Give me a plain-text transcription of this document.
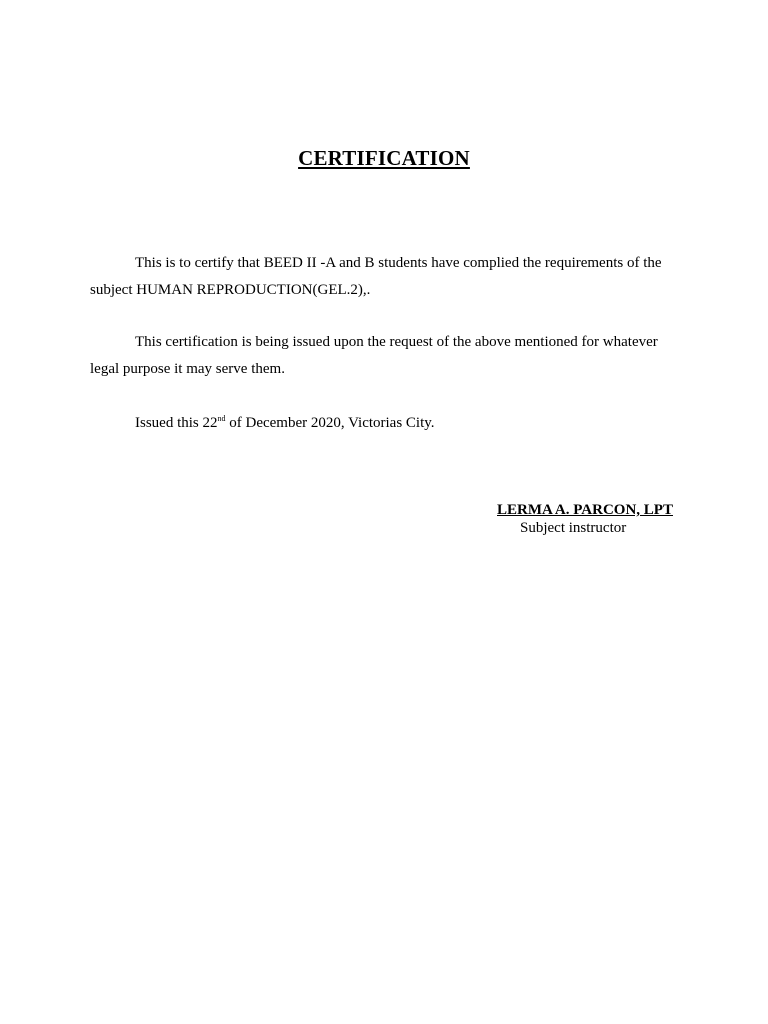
CERTIFICATION

This is to certify that BEED II -A and B students have complied the requirements of the
subject HUMAN REPRODUCTION(GEL.2),.

This certification is being issued upon the request of the above mentioned for whatever
legal purpose it may serve them.

Issued this 22nd of December 2020, Victorias City.

LERMA A. PARCON, LPT
Subject instructor
